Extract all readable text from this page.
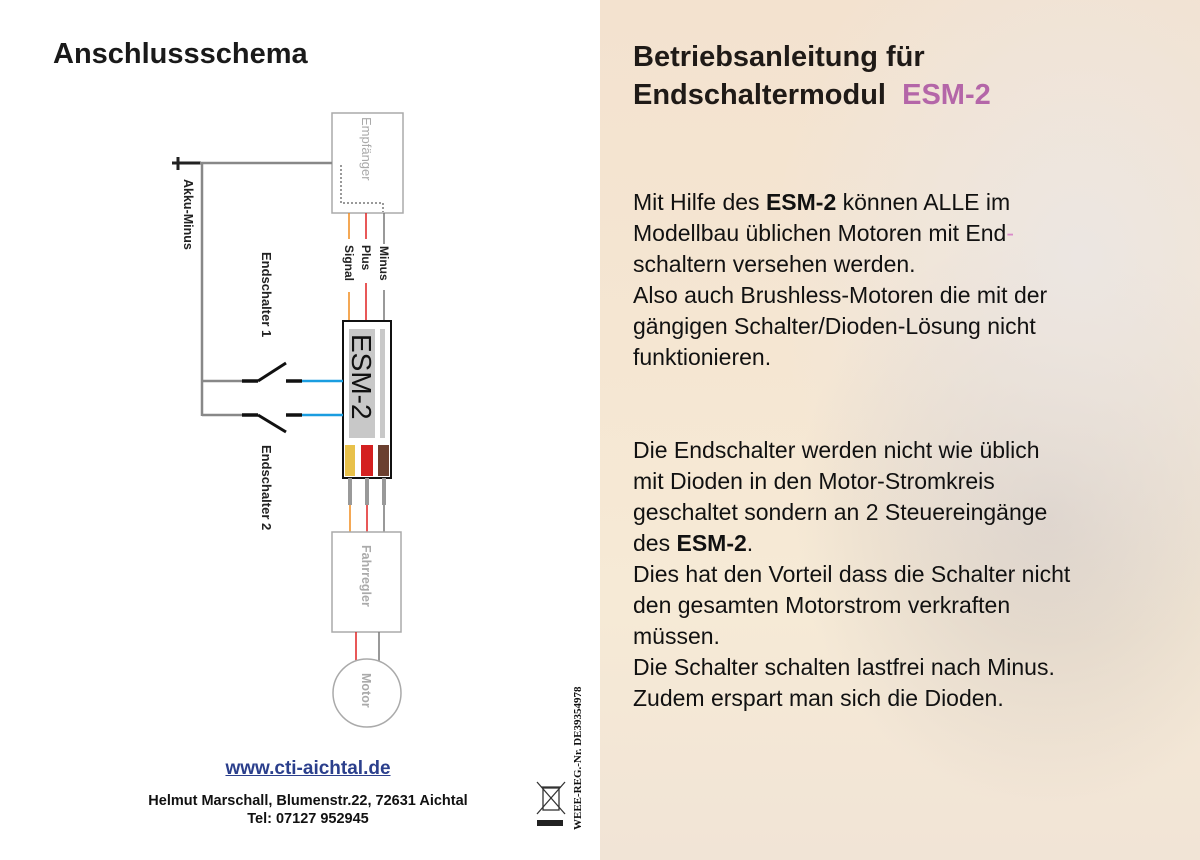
Anschlussschema
Empfänger
Akku-Minus
Signal Plus Minus
ESM-2
Endschalter 1
Endschalter 2
Fahrregler
Motor
www.cti-aichtal.de
Helmut Marschall, Blumenstr.22, 72631 Aichtal
Tel: 07127 952945	WEEE-REG.-Nr. DE39354978
Betriebsanleitung für
Endschaltermodul ESM-2
Mit Hilfe des ESM-2 können ALLE im
Modellbau üblichen Motoren mit End-
schaltern versehen werden.
Also auch Brushless-Motoren die mit der
gängigen Schalter/Dioden-Lösung nicht
funktionieren.
Die Endschalter werden nicht wie üblich
mit Dioden in den Motor-Stromkreis
geschaltet sondern an 2 Steuereingänge
des ESM-2.
Dies hat den Vorteil dass die Schalter nicht
den gesamten Motorstrom verkraften
müssen.
Die Schalter schalten lastfrei nach Minus.
Zudem erspart man sich die Dioden.
